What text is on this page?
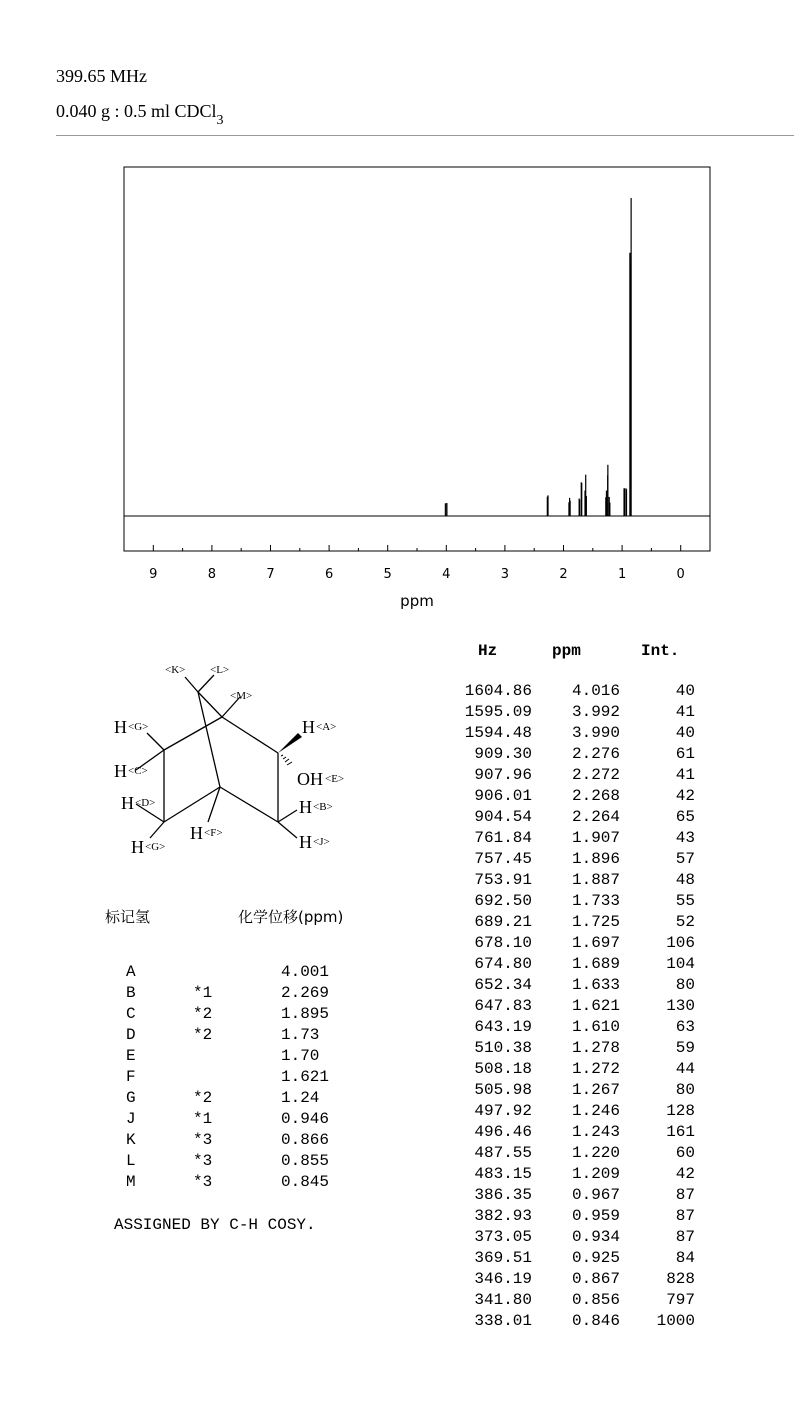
399.65 MHz
0.040 g : 0.5 ml CDCl$_3$
9	8	7	6	5	4	3	2	1	0
ppm
<K> <L>
<M>
H <G>	H <A>
H <C>	OH <E>
H <D>	H <B>
H <F>	H <J>
H <G>
标记氢	化学位移(ppm)
A	4.001
B	*1	2.269
C	*2	1.895
D	*2	1.73
E	1.70
F	1.621
G	*2	1.24
J	*1	0.946
K	*3	0.866
L	*3	0.855
M	*3	0.845
ASSIGNED BY C-H COSY.
Hz	ppm	Int.
1604.86	4.016	40
1595.09	3.992	41
1594.48	3.990	40
909.30	2.276	61
907.96	2.272	41
906.01	2.268	42
904.54	2.264	65
761.84	1.907	43
757.45	1.896	57
753.91	1.887	48
692.50	1.733	55
689.21	1.725	52
678.10	1.697	106
674.80	1.689	104
652.34	1.633	80
647.83	1.621	130
643.19	1.610	63
510.38	1.278	59
508.18	1.272	44
505.98	1.267	80
497.92	1.246	128
496.46	1.243	161
487.55	1.220	60
483.15	1.209	42
386.35	0.967	87
382.93	0.959	87
373.05	0.934	87
369.51	0.925	84
346.19	0.867	828
341.80	0.856	797
338.01	0.846	1000
